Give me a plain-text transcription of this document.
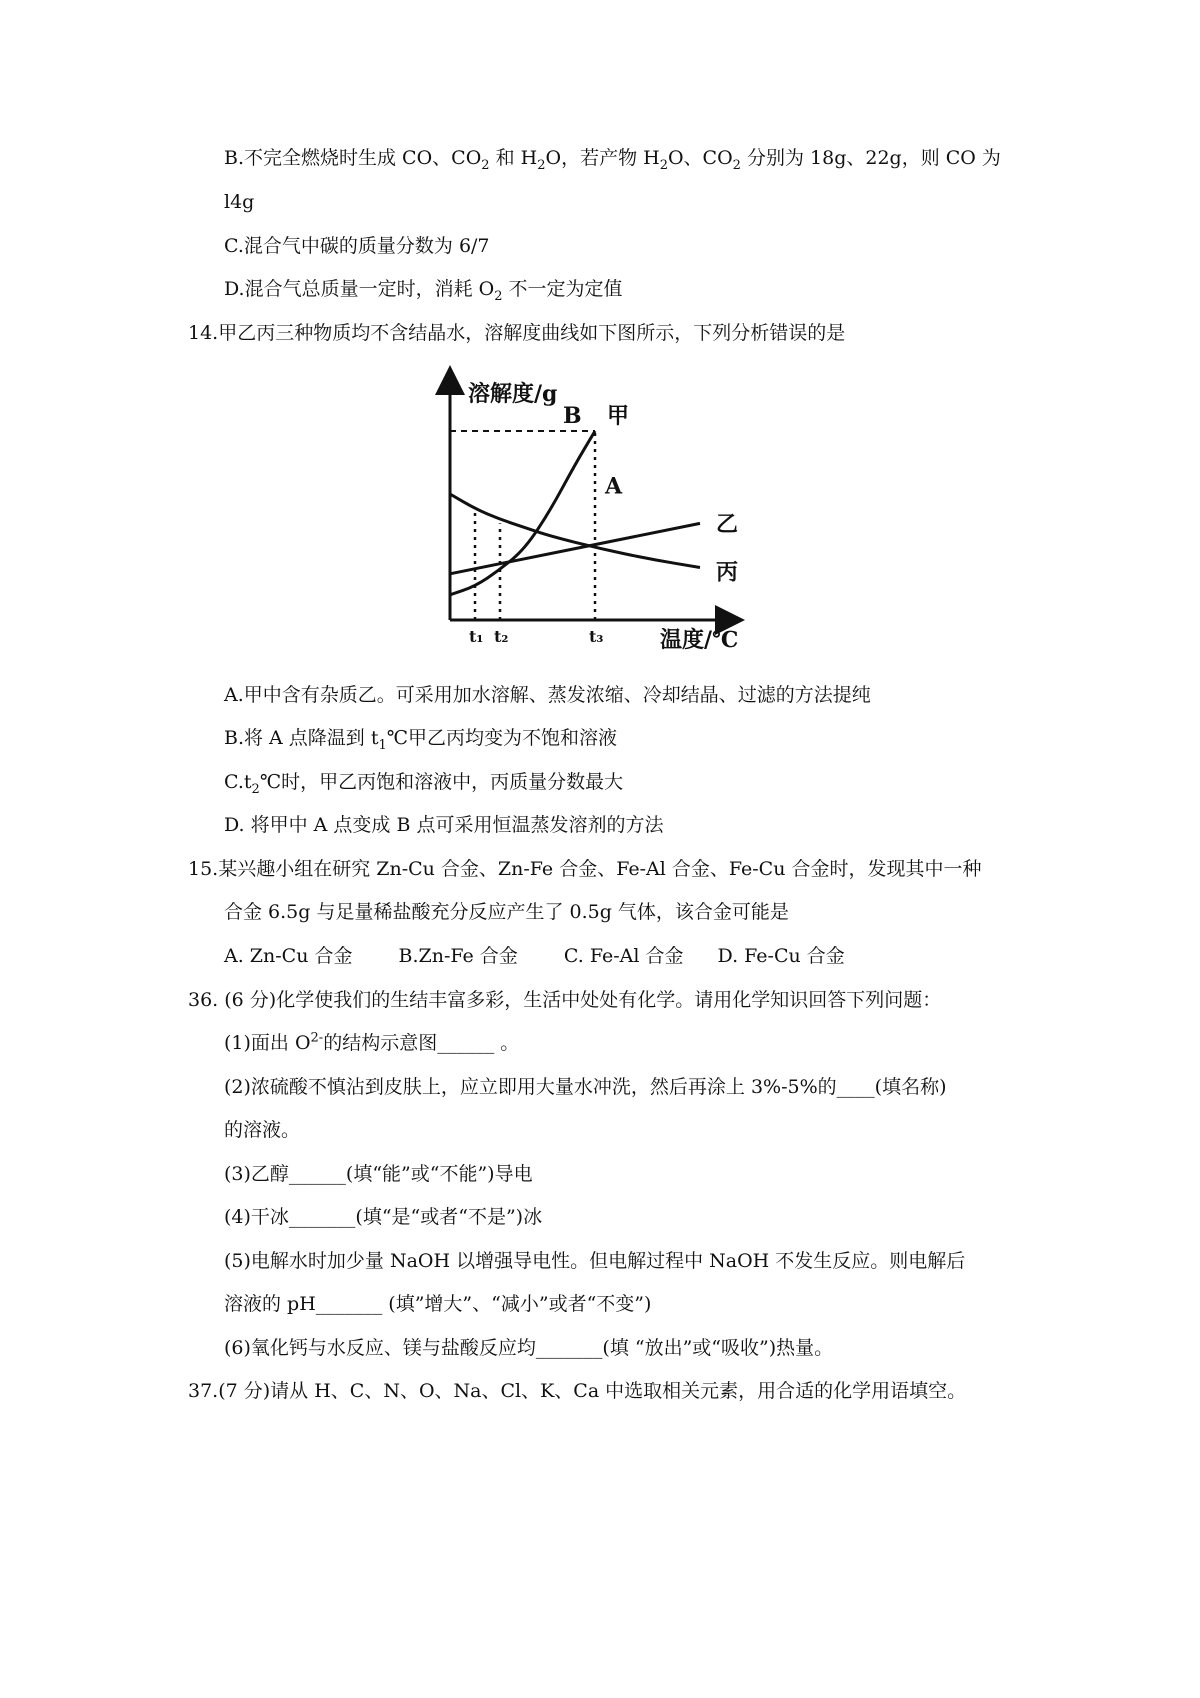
B.不完全燃烧时生成 CO、$CO_2$ 和 $H_2O$，若产物 $H_2O$、$CO_2$ 分别为 18g、22g，则 CO 为
l4g
C.混合气中碳的质量分数为 6/7
D.混合气总质量一定时，消耗 $O_2$ 不一定为定值
14.甲乙丙三种物质均不含结晶水，溶解度曲线如下图所示，下列分析错误的是
溶解度/g
温度/℃
t₁ t₂	t₃
B 甲
A
乙
丙
A.甲中含有杂质乙。可采用加水溶解、蒸发浓缩、冷却结晶、过滤的方法提纯
B.将 A 点降温到 $t_1℃$甲乙丙均变为不饱和溶液
$C.t_2℃$时，甲乙丙饱和溶液中，丙质量分数最大
D. 将甲中 A 点变成 B 点可采用恒温蒸发溶剂的方法
15.某兴趣小组在研究 Zn-Cu 合金、Zn-Fe 合金、Fe-Al 合金、Fe-Cu 合金时，发现其中一种
合金 6.5g 与足量稀盐酸充分反应产生了 0.5g 气体，该合金可能是
A. Zn-Cu 合金 B.Zn-Fe 合金 C. Fe-Al 合金 D. Fe-Cu 合金
36. (6 分)化学使我们的生结丰富多彩，生活中处处有化学。请用化学知识回答下列问题：
(1)面出 $O^{2-}$的结构示意图______ 。
(2)浓硫酸不慎沾到皮肤上，应立即用大量水冲洗，然后再涂上 3%-5%的____(填名称)
的溶液。
(3)乙醇______(填“能”或“不能”)导电
(4)干冰_______(填“是“或者“不是”)冰
(5)电解水时加少量 NaOH 以增强导电性。但电解过程中 NaOH 不发生反应。则电解后
溶液的 pH_______ (填”增大”、“减小”或者“不变”)
(6)氧化钙与水反应、镁与盐酸反应均_______(填 “放出”或“吸收”)热量。
37.(7 分)请从 H、C、N、O、Na、Cl、K、Ca 中选取相关元素，用合适的化学用语填空。
